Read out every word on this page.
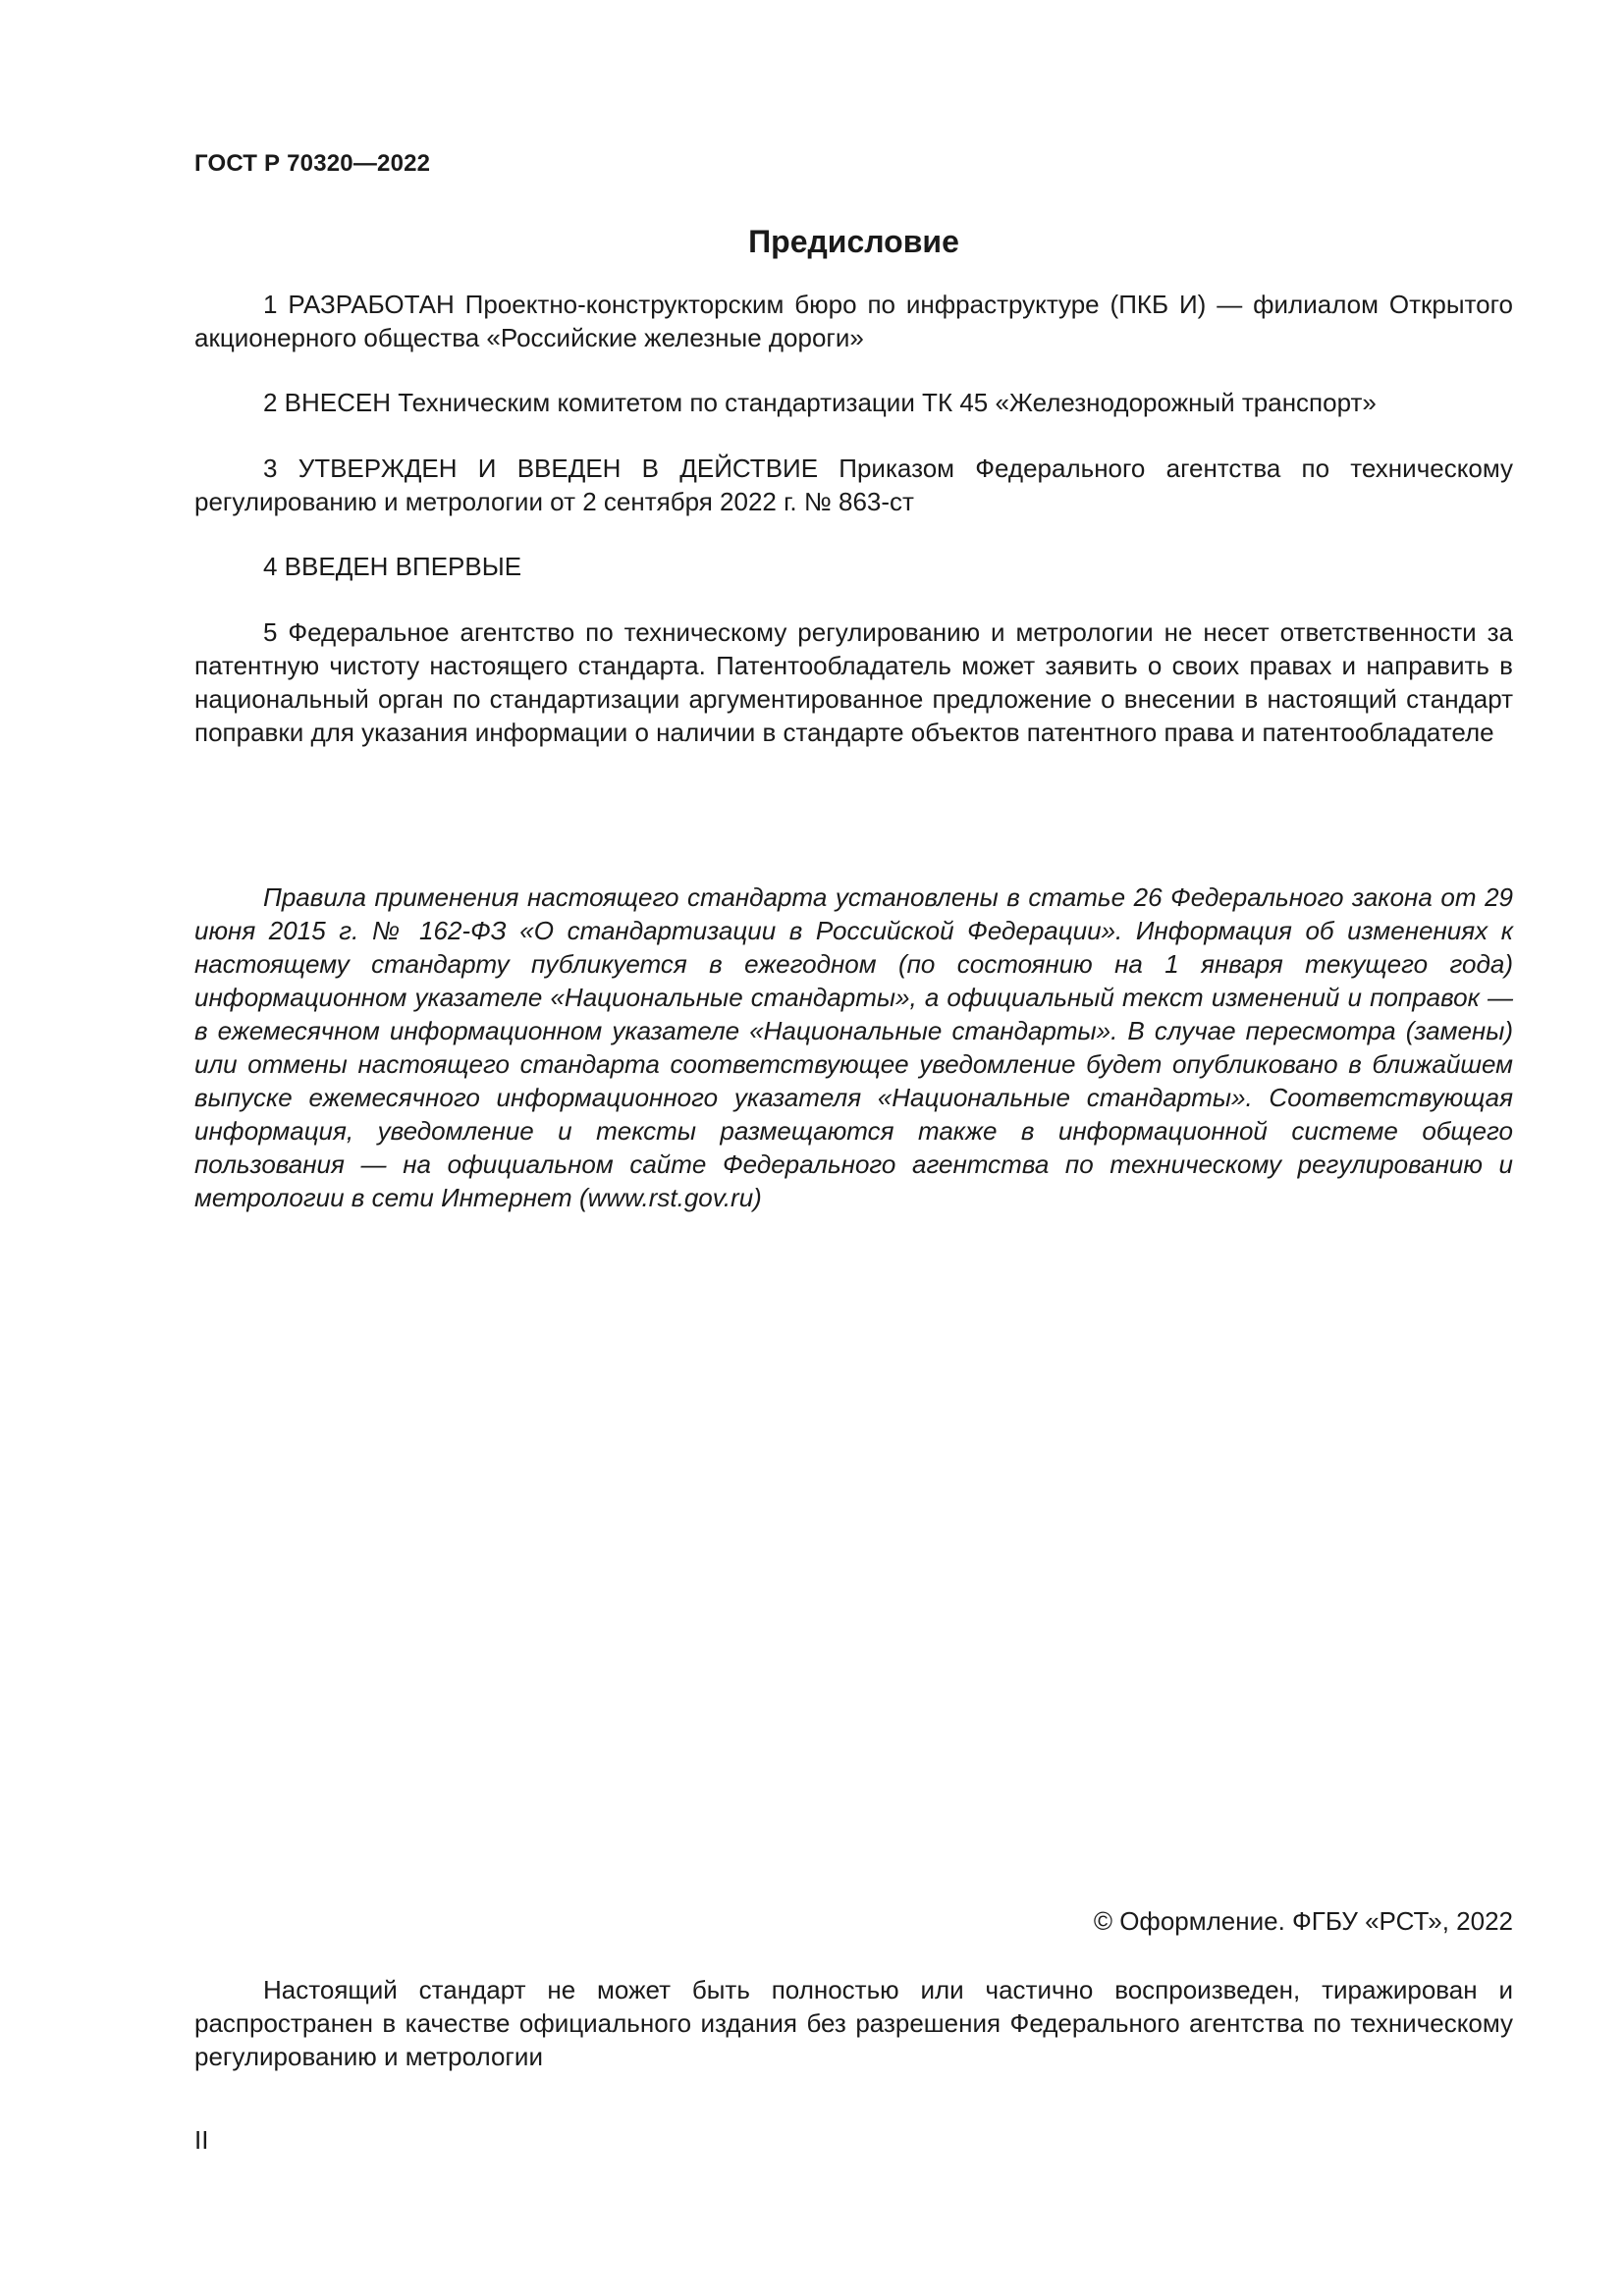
ГОСТ Р 70320—2022
Предисловие

1 РАЗРАБОТАН Проектно-конструкторским бюро по инфраструктуре (ПКБ И) — филиалом Открытого акционерного общества «Российские железные дороги»

2 ВНЕСЕН Техническим комитетом по стандартизации ТК 45 «Железнодорожный транспорт»

3 УТВЕРЖДЕН И ВВЕДЕН В ДЕЙСТВИЕ Приказом Федерального агентства по техническому регулированию и метрологии от 2 сентября 2022 г. № 863-ст

4 ВВЕДЕН ВПЕРВЫЕ

5 Федеральное агентство по техническому регулированию и метрологии не несет ответственности за патентную чистоту настоящего стандарта. Патентообладатель может заявить о своих правах и направить в национальный орган по стандартизации аргументированное предложение о внесении в настоящий стандарт поправки для указания информации о наличии в стандарте объектов патентного права и патентообладателе

Правила применения настоящего стандарта установлены в статье 26 Федерального закона от 29 июня 2015 г. № 162-ФЗ «О стандартизации в Российской Федерации». Информация об изменениях к настоящему стандарту публикуется в ежегодном (по состоянию на 1 января текущего года) информационном указателе «Национальные стандарты», а официальный текст изменений и поправок — в ежемесячном информационном указателе «Национальные стандарты». В случае пересмотра (замены) или отмены настоящего стандарта соответствующее уведомление будет опубликовано в ближайшем выпуске ежемесячного информационного указателя «Национальные стандарты». Соответствующая информация, уведомление и тексты размещаются также в информационной системе общего пользования — на официальном сайте Федерального агентства по техническому регулированию и метрологии в сети Интернет (www.rst.gov.ru)

© Оформление. ФГБУ «РСТ», 2022

Настоящий стандарт не может быть полностью или частично воспроизведен, тиражирован и распространен в качестве официального издания без разрешения Федерального агентства по техническому регулированию и метрологии

II
